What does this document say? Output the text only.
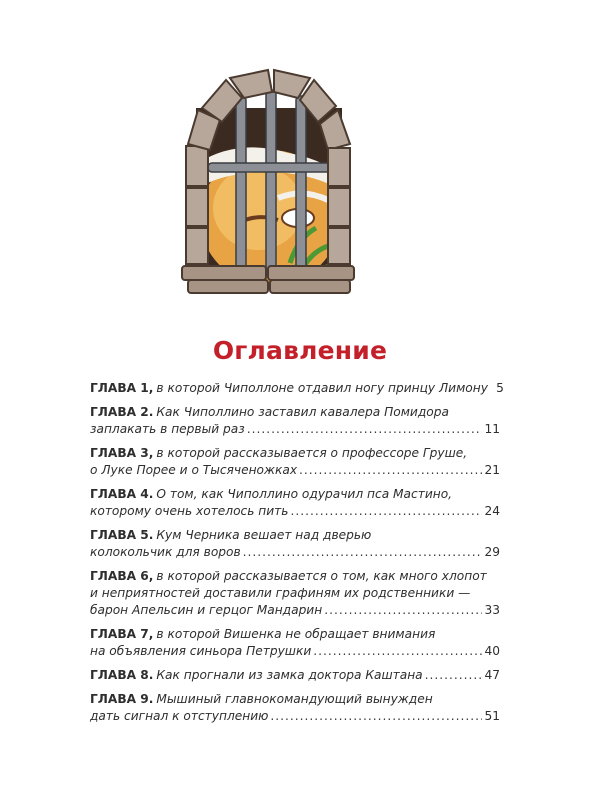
Оглавление
ГЛАВА 1, в которой Чиполлоне отдавил ногу принцу Лимону 5
ГЛАВА 2. Как Чиполлино заставил кавалера Помидора
заплакать в первый раз .....	11
ГЛАВА 3, в которой рассказывается о профессоре Груше,
о Луке Порее и о Тысяченожках .....	21
ГЛАВА 4. О том, как Чиполлино одурачил пса Мастино,
которому очень хотелось пить .....	24
ГЛАВА 5. Кум Черника вешает над дверью
колокольчик для воров .....	29
ГЛАВА 6, в которой рассказывается о том, как много хлопот
и неприятностей доставили графиням их родственники —
барон Апельсин и герцог Мандарин .....	33
ГЛАВА 7, в которой Вишенка не обращает внимания
на объявления синьора Петрушки .....	40
ГЛАВА 8. Как прогнали из замка доктора Каштана .....	47
ГЛАВА 9. Мышиный главнокомандующий вынужден
дать сигнал к отступлению .....	51
